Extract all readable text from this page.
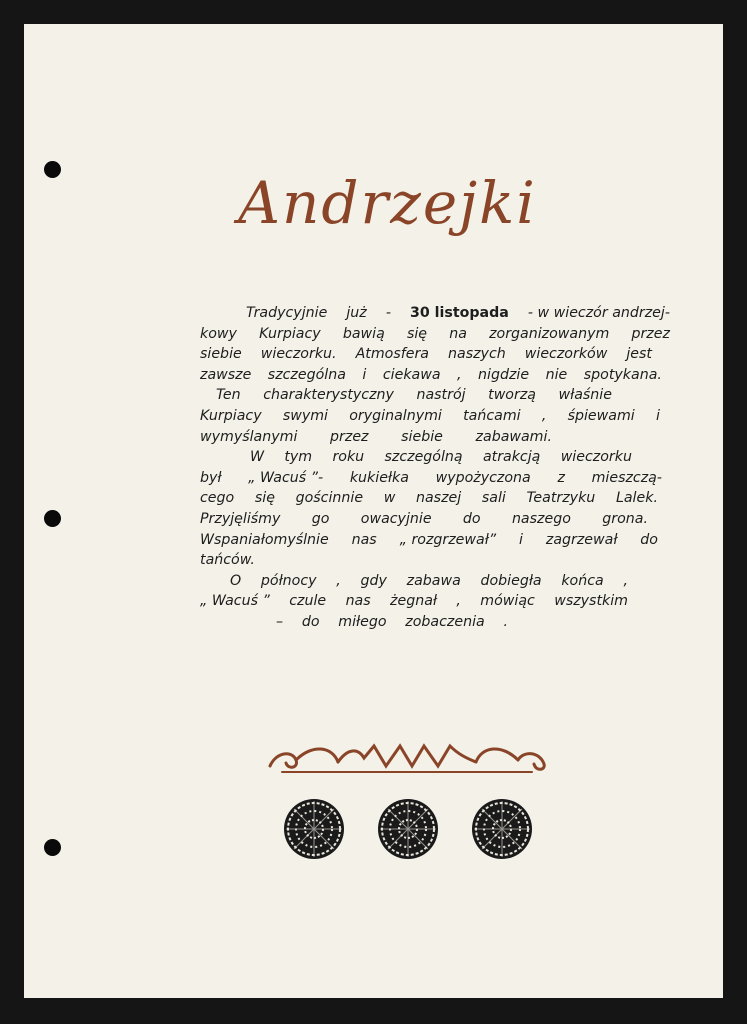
Andrzejki
Tradycyjnie już - 30 listopada - w wieczór andrzej-
kowy Kurpiacy bawią się na zorganizowanym przez
siebie wieczorku. Atmosfera naszych wieczorków jest
zawsze szczególna i ciekawa , nigdzie nie spotykana.
Ten charakterystyczny nastrój tworzą właśnie
Kurpiacy swymi oryginalnymi tańcami , śpiewami i
wymyślanymi przez siebie zabawami.
W tym roku szczególną atrakcją wieczorku
był „ Wacuś ”- kukiełka wypożyczona z mieszczą-
cego się gościnnie w naszej sali Teatrzyku Lalek.
Przyjęliśmy go owacyjnie do naszego grona.
Wspaniałomyślnie nas „ rozgrzewał” i zagrzewał do
tańców.
O północy , gdy zabawa dobiegła końca ,
„ Wacuś ” czule nas żegnał , mówiąc wszystkim
– do miłego zobaczenia .
